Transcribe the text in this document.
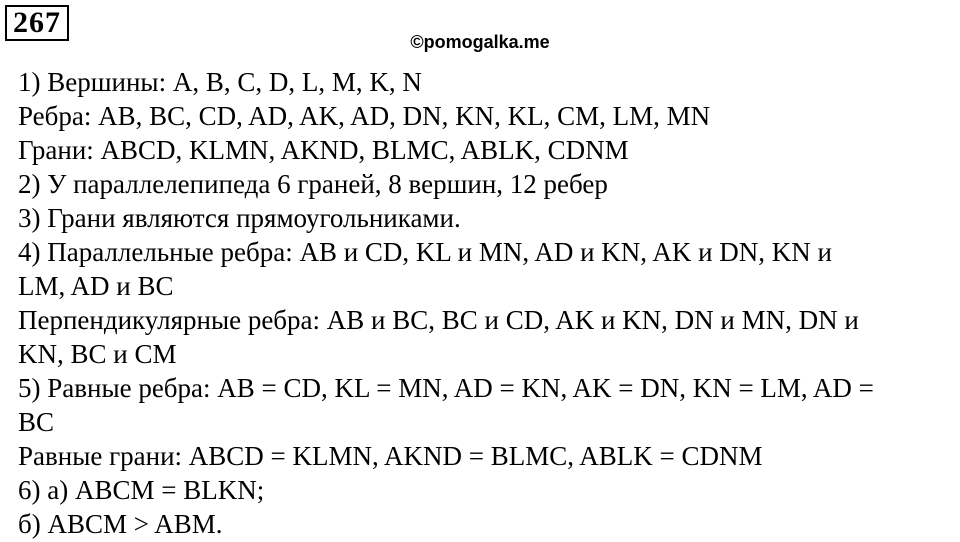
267
©pomogalka.me
1) Вершины: A, B, C, D, L, M, K, N
Ребра: AB, BC, CD, AD, AK, AD, DN, KN, KL, CM, LM, MN
Грани: ABCD, KLMN, AKND, BLMC, ABLK, CDNM
2) У параллелепипеда 6 граней, 8 вершин, 12 ребер
3) Грани являются прямоугольниками.
4) Параллельные ребра: AB и CD, KL и MN, AD и KN, AK и DN, KN и
LM, AD и BC
Перпендикулярные ребра: AB и BC, BC и CD, AK и KN, DN и MN, DN и
KN, BC и CM
5) Равные ребра: AB = CD, KL = MN, AD = KN, AK = DN, KN = LM, AD =
BC
Равные грани: ABCD = KLMN, AKND = BLMC, ABLK = CDNM
6) а) ABCM = BLKN;
б) ABCM > ABM.
